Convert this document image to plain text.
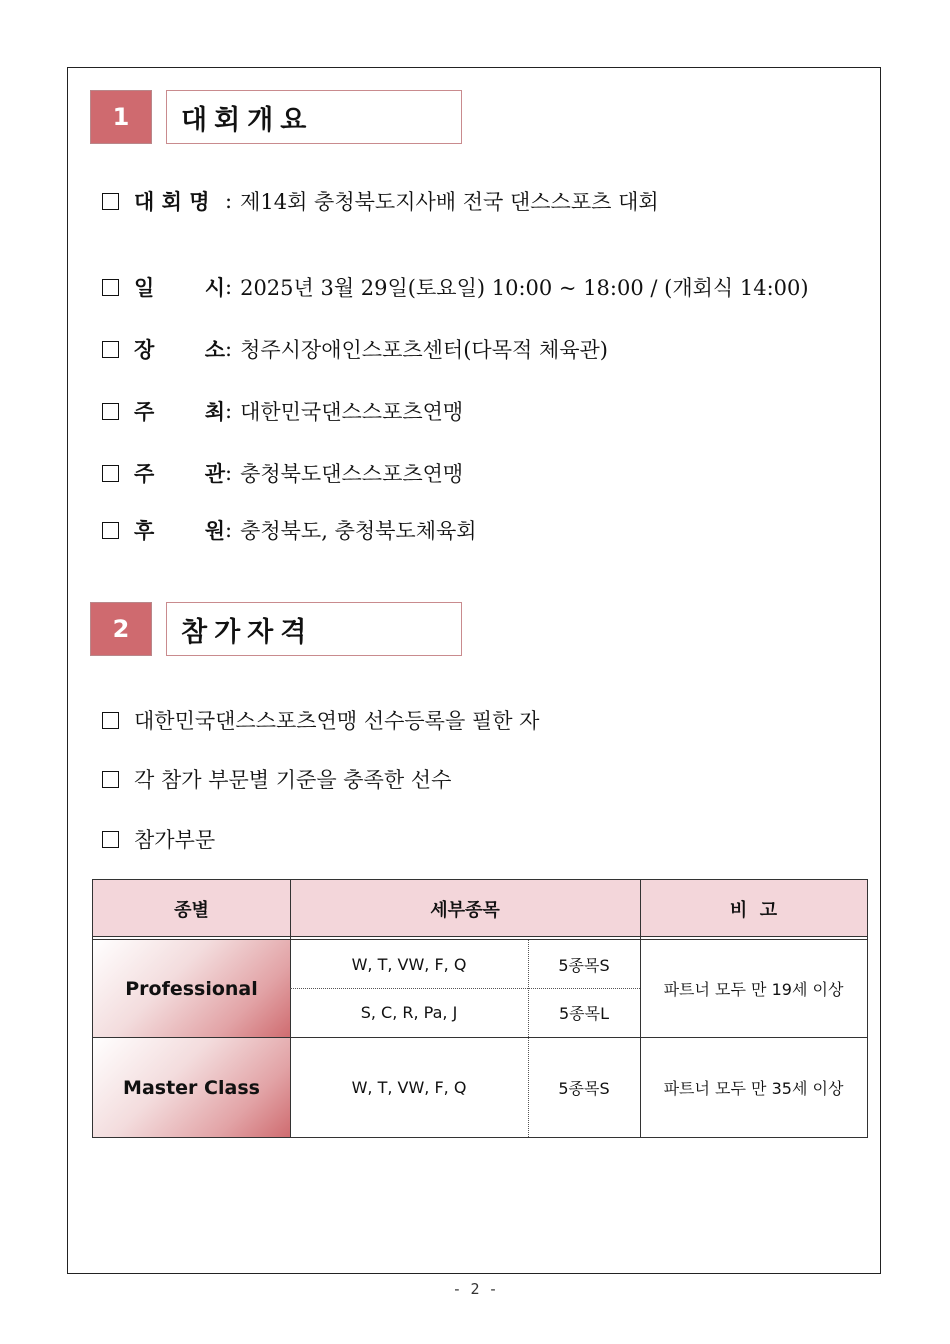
1	대회개요
대 회 명 : 제14회 충청북도지사배 전국 댄스스포츠 대회
일 시 : 2025년 3월 29일(토요일) 10:00 ~ 18:00 / (개회식 14:00)
장 소 : 청주시장애인스포츠센터(다목적 체육관)
주 최 : 대한민국댄스스포츠연맹
주 관 : 충청북도댄스스포츠연맹
후 원 : 충청북도, 충청북도체육회
2	참가자격
대한민국댄스스포츠연맹 선수등록을 필한 자
각 참가 부문별 기준을 충족한 선수
참가부문
종별	세부종목	비  고
Professional
W, T, VW, F, Q	5종목S
S, C, R, Pa, J	5종목L
파트너 모두 만 19세 이상
Master Class	W, T, VW, F, Q	5종목S	파트너 모두 만 35세 이상
- 2 -
